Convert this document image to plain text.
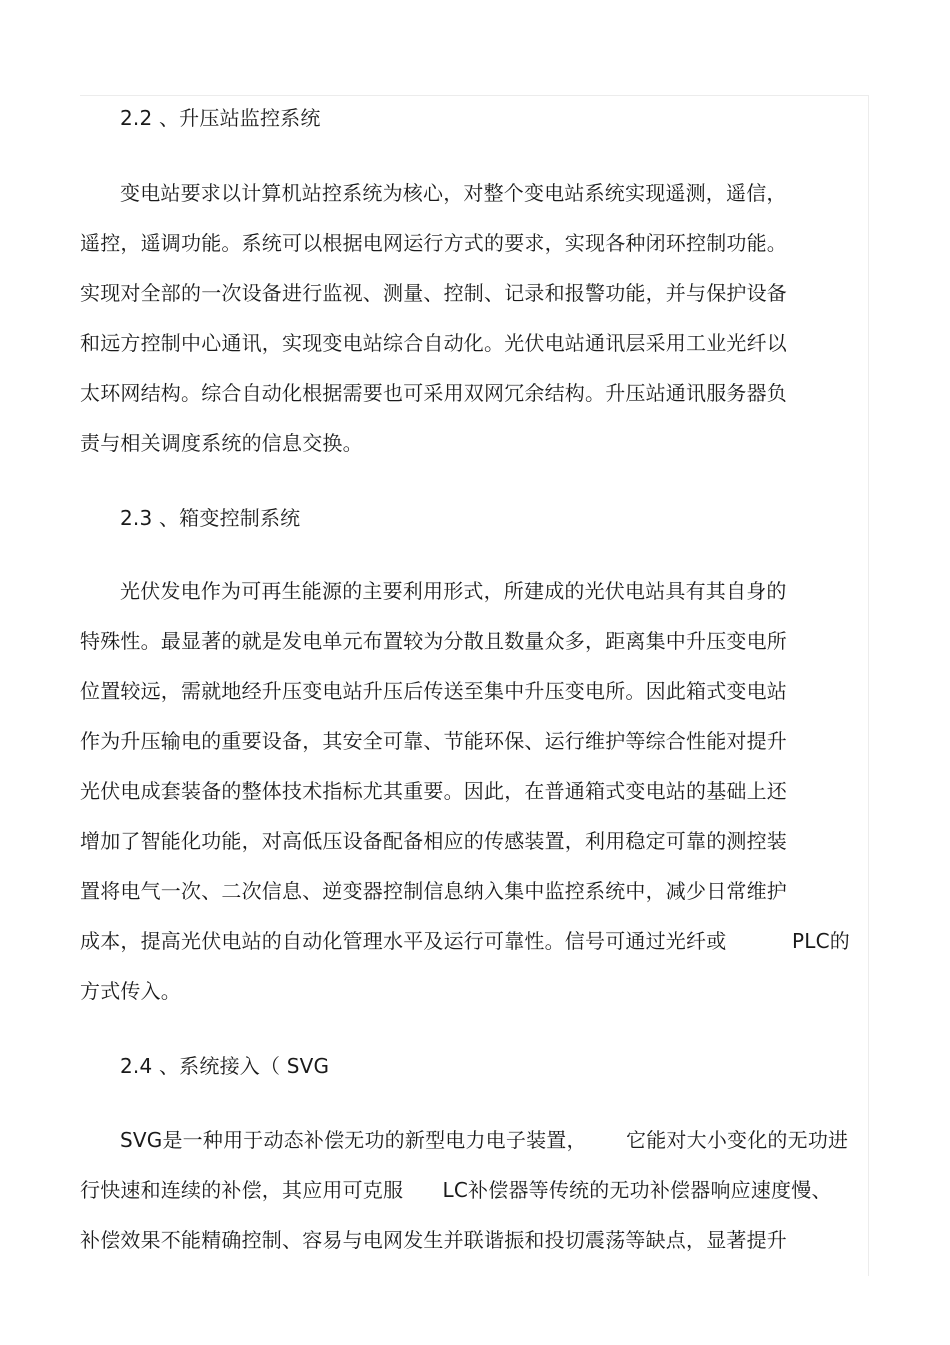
2.2 、升压站监控系统
变电站要求以计算机站控系统为核心，对整个变电站系统实现遥测，遥信，
遥控，遥调功能。系统可以根据电网运行方式的要求，实现各种闭环控制功能。
实现对全部的一次设备进行监视、测量、控制、记录和报警功能，并与保护设备
和远方控制中心通讯，实现变电站综合自动化。光伏电站通讯层采用工业光纤以
太环网结构。综合自动化根据需要也可采用双网冗余结构。升压站通讯服务器负
责与相关调度系统的信息交换。
2.3 、箱变控制系统
光伏发电作为可再生能源的主要利用形式，所建成的光伏电站具有其自身的
特殊性。最显著的就是发电单元布置较为分散且数量众多，距离集中升压变电所
位置较远，需就地经升压变电站升压后传送至集中升压变电所。因此箱式变电站
作为升压输电的重要设备，其安全可靠、节能环保、运行维护等综合性能对提升
光伏电成套装备的整体技术指标尤其重要。因此，在普通箱式变电站的基础上还
增加了智能化功能，对高低压设备配备相应的传感装置，利用稳定可靠的测控装
置将电气一次、二次信息、逆变器控制信息纳入集中监控系统中，减少日常维护
成本，提高光伏电站的自动化管理水平及运行可靠性。信号可通过光纤或          PLC的
方式传入。
2.4 、系统接入（ SVG
SVG是一种用于动态补偿无功的新型电力电子装置，      它能对大小变化的无功进
行快速和连续的补偿，其应用可克服      LC补偿器等传统的无功补偿器响应速度慢、
补偿效果不能精确控制、容易与电网发生并联谐振和投切震荡等缺点，显著提升
